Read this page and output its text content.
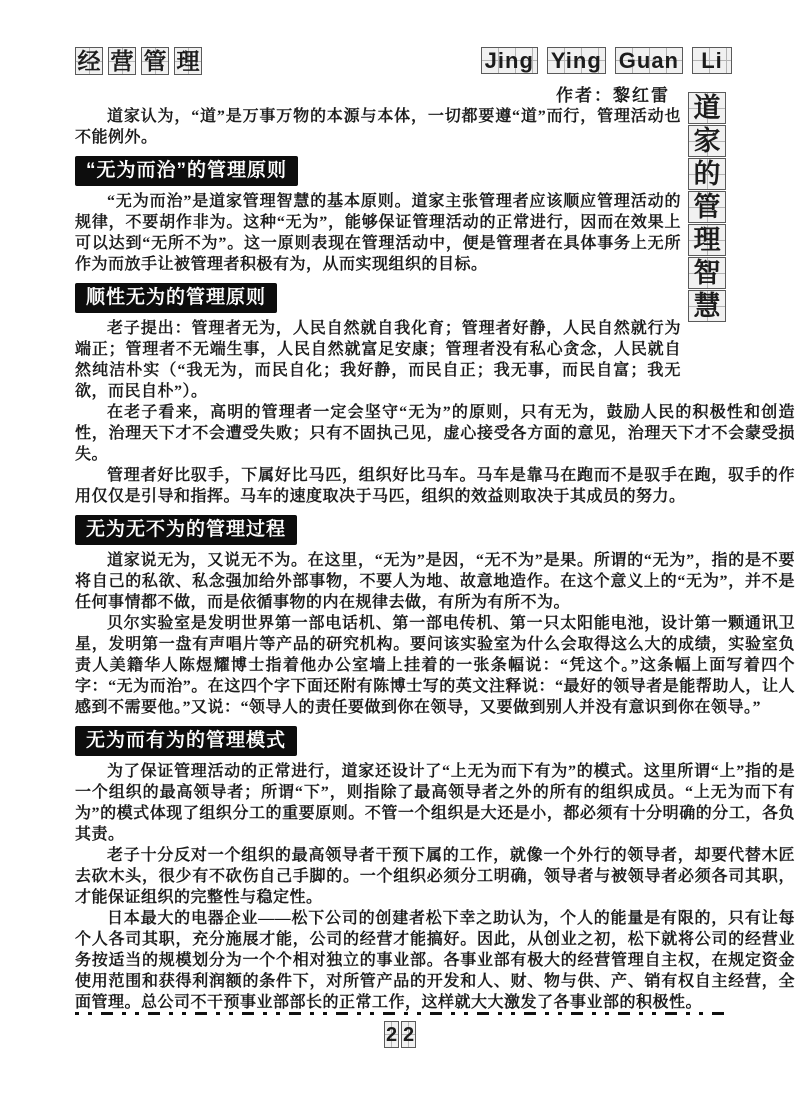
经 营 管 理	Jing Ying Guan	Li
作者：黎红雷 道
家
的
管
理
智
慧

道家认为，“道”是万事万物的本源与本体，一切都要遵“道”而行，管理活动也不能例外。

“无为而治”的管理原则

“无为而治”是道家管理智慧的基本原则。道家主张管理者应该顺应管理活动的规律，不要胡作非为。这种“无为”，能够保证管理活动的正常进行，因而在效果上可以达到“无所不为”。这一原则表现在管理活动中，便是管理者在具体事务上无所作为而放手让被管理者积极有为，从而实现组织的目标。

顺性无为的管理原则

老子提出：管理者无为，人民自然就自我化育；管理者好静，人民自然就行为端正；管理者不无端生事，人民自然就富足安康；管理者没有私心贪念，人民就自然纯洁朴实（“我无为，而民自化；我好静，而民自正；我无事，而民自富；我无欲，而民自朴”）。

在老子看来，高明的管理者一定会坚守“无为”的原则，只有无为，鼓励人民的积极性和创造性，治理天下才不会遭受失败；只有不固执己见，虚心接受各方面的意见，治理天下才不会蒙受损失。

管理者好比驭手，下属好比马匹，组织好比马车。马车是靠马在跑而不是驭手在跑，驭手的作用仅仅是引导和指挥。马车的速度取决于马匹，组织的效益则取决于其成员的努力。

无为无不为的管理过程

道家说无为，又说无不为。在这里，“无为”是因，“无不为”是果。所谓的“无为”，指的是不要将自己的私欲、私念强加给外部事物，不要人为地、故意地造作。在这个意义上的“无为”，并不是任何事情都不做，而是依循事物的内在规律去做，有所为有所不为。

贝尔实验室是发明世界第一部电话机、第一部电传机、第一只太阳能电池，设计第一颗通讯卫星，发明第一盘有声唱片等产品的研究机构。要问该实验室为什么会取得这么大的成绩，实验室负责人美籍华人陈煜耀博士指着他办公室墙上挂着的一张条幅说：“凭这个。”这条幅上面写着四个字：“无为而治”。在这四个字下面还附有陈博士写的英文注释说：“最好的领导者是能帮助人，让人感到不需要他。”又说：“领导人的责任要做到你在领导，又要做到别人并没有意识到你在领导。”

无为而有为的管理模式

为了保证管理活动的正常进行，道家还设计了“上无为而下有为”的模式。这里所谓“上”指的是一个组织的最高领导者；所谓“下”，则指除了最高领导者之外的所有的组织成员。“上无为而下有为”的模式体现了组织分工的重要原则。不管一个组织是大还是小，都必须有十分明确的分工，各负其责。

老子十分反对一个组织的最高领导者干预下属的工作，就像一个外行的领导者，却要代替木匠去砍木头，很少有不砍伤自己手脚的。一个组织必须分工明确，领导者与被领导者必须各司其职，才能保证组织的完整性与稳定性。

日本最大的电器企业——松下公司的创建者松下幸之助认为，个人的能量是有限的，只有让每个人各司其职，充分施展才能，公司的经营才能搞好。因此，从创业之初，松下就将公司的经营业务按适当的规模划分为一个个相对独立的事业部。各事业部有极大的经营管理自主权，在规定资金使用范围和获得利润额的条件下，对所管产品的开发和人、财、物与供、产、销有权自主经营，全面管理。总公司不干预事业部部长的正常工作，这样就大大激发了各事业部的积极性。

2 2
